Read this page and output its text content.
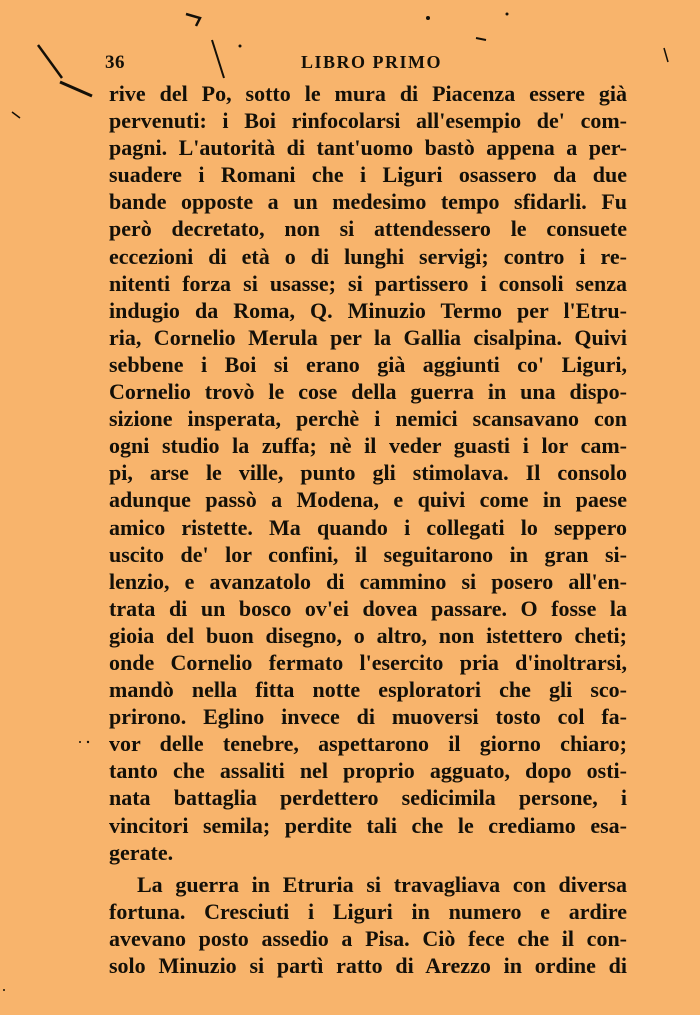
36	LIBRO PRIMO
rive del Po, sotto le mura di Piacenza essere già
pervenuti: i Boi rinfocolarsi all'esempio de' com-
pagni. L'autorità di tant'uomo bastò appena a per-
suadere i Romani che i Liguri osassero da due
bande opposte a un medesimo tempo sfidarli. Fu
però decretato, non si attendessero le consuete
eccezioni di età o di lunghi servigi; contro i re-
nitenti forza si usasse; si partissero i consoli senza
indugio da Roma, Q. Minuzio Termo per l'Etru-
ria, Cornelio Merula per la Gallia cisalpina. Quivi
sebbene i Boi si erano già aggiunti co' Liguri,
Cornelio trovò le cose della guerra in una dispo-
sizione insperata, perchè i nemici scansavano con
ogni studio la zuffa; nè il veder guasti i lor cam-
pi, arse le ville, punto gli stimolava. Il consolo
adunque passò a Modena, e quivi come in paese
amico ristette. Ma quando i collegati lo seppero
uscito de' lor confini, il seguitarono in gran si-
lenzio, e avanzatolo di cammino si posero all'en-
trata di un bosco ov'ei dovea passare. O fosse la
gioia del buon disegno, o altro, non istettero cheti;
onde Cornelio fermato l'esercito pria d'inoltrarsi,
mandò nella fitta notte esploratori che gli sco-
prirono. Eglino invece di muoversi tosto col fa-
vor delle tenebre, aspettarono il giorno chiaro;
tanto che assaliti nel proprio agguato, dopo osti-
nata battaglia perdettero sedicimila persone, i
vincitori semila; perdite tali che le crediamo esa-
gerate.
La guerra in Etruria si travagliava con diversa
fortuna. Cresciuti i Liguri in numero e ardire
avevano posto assedio a Pisa. Ciò fece che il con-
solo Minuzio si partì ratto di Arezzo in ordine di
